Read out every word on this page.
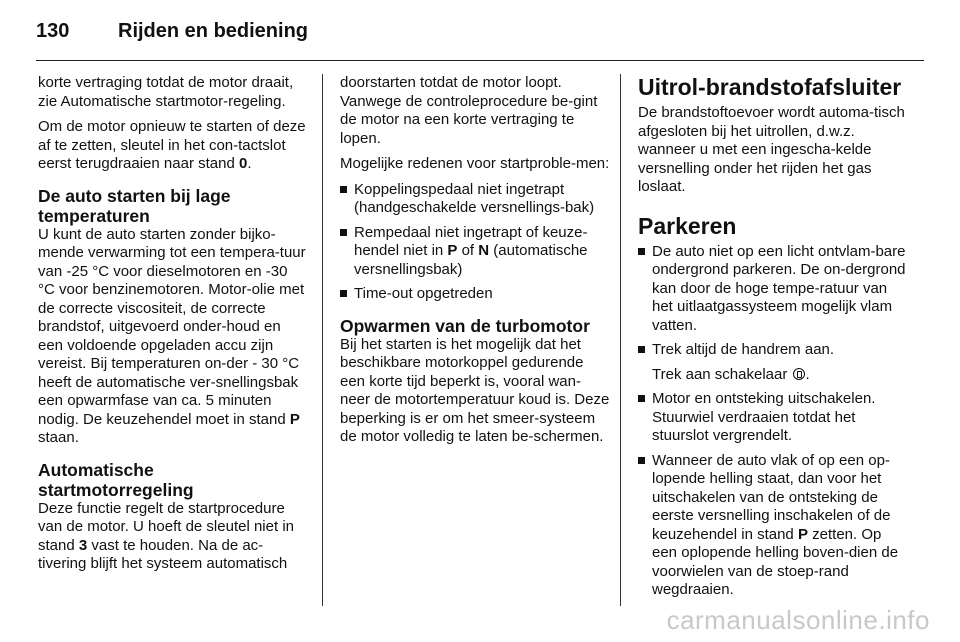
130	Rijden en bediening

korte vertraging totdat de motor draait, zie Automatische startmotor-regeling.

Om de motor opnieuw te starten of deze af te zetten, sleutel in het con-tactslot eerst terugdraaien naar stand 0.

De auto starten bij lage temperaturen

U kunt de auto starten zonder bijko-mende verwarming tot een tempera-tuur van -25 °C voor dieselmotoren en -30 °C voor benzinemotoren. Motor-olie met de correcte viscositeit, de correcte brandstof, uitgevoerd onder-houd en een voldoende opgeladen accu zijn vereist. Bij temperaturen on-der - 30 °C heeft de automatische ver-snellingsbak een opwarmfase van ca. 5 minuten nodig. De keuzehendel moet in stand P staan.

Automatische startmotorregeling

Deze functie regelt de startprocedure van de motor. U hoeft de sleutel niet in stand 3 vast te houden. Na de ac-tivering blijft het systeem automatisch

doorstarten totdat de motor loopt. Vanwege de controleprocedure be-gint de motor na een korte vertraging te lopen.

Mogelijke redenen voor startproble-men:

Koppelingspedaal niet ingetrapt (handgeschakelde versnellings-bak)
Rempedaal niet ingetrapt of keuze-hendel niet in P of N (automatische versnellingsbak)
Time-out opgetreden
Opwarmen van de turbomotor

Bij het starten is het mogelijk dat het beschikbare motorkoppel gedurende een korte tijd beperkt is, vooral wan-neer de motortemperatuur koud is. Deze beperking is er om het smeer-systeem de motor volledig te laten be-schermen.

Uitrol-brandstofafsluiter

De brandstoftoevoer wordt automa-tisch afgesloten bij het uitrollen, d.w.z. wanneer u met een ingescha-kelde versnelling onder het rijden het gas loslaat.

Parkeren
De auto niet op een licht ontvlam-bare ondergrond parkeren. De on-dergrond kan door de hoge tempe-ratuur van het uitlaatgassysteem mogelijk vlam vatten.
Trek altijd de handrem aan.
Trek aan schakelaar .
Motor en ontsteking uitschakelen. Stuurwiel verdraaien totdat het stuurslot vergrendelt.
Wanneer de auto vlak of op een op-lopende helling staat, dan voor het uitschakelen van de ontsteking de eerste versnelling inschakelen of de keuzehendel in stand P zetten. Op een oplopende helling boven-dien de voorwielen van de stoep-rand wegdraaien.
carmanualsonline.info
